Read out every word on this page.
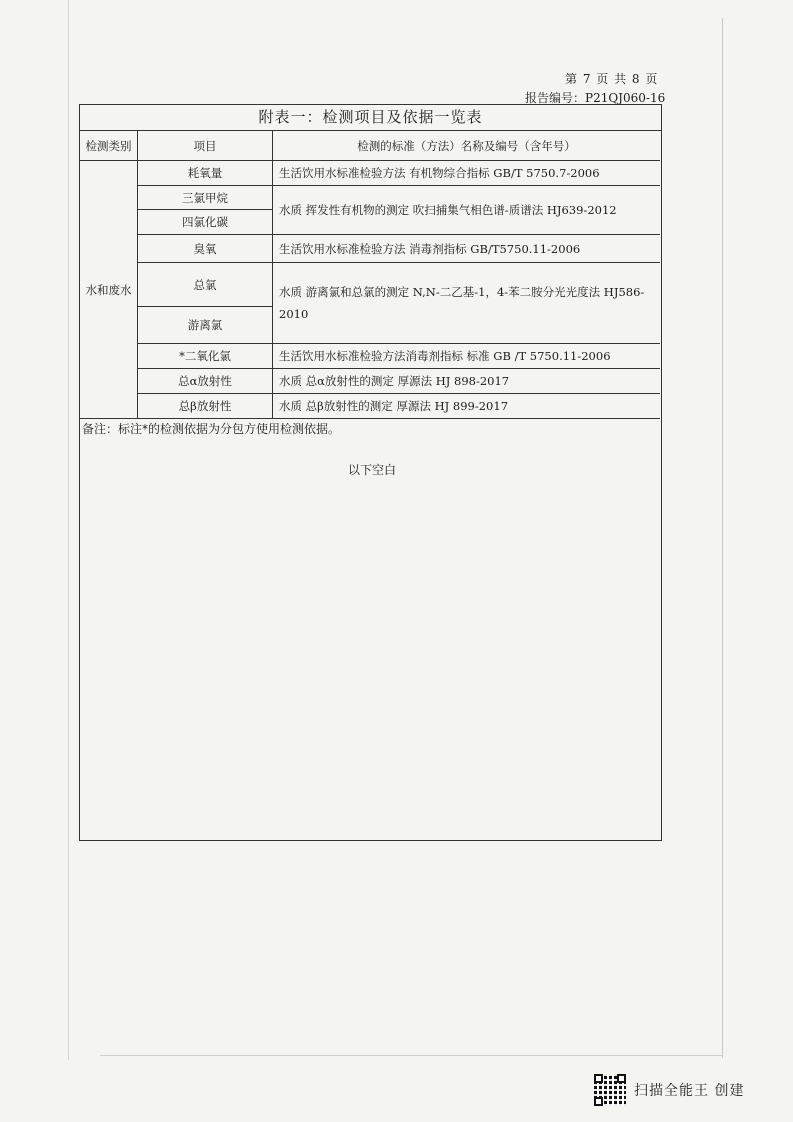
第 7 页 共 8 页
报告编号：P21QJ060-16
附表一：检测项目及依据一览表
检测类别	项目	检测的标准（方法）名称及编号（含年号）
水和废水
耗氧量
三氯甲烷
四氯化碳
臭氧
总氯
游离氯
*二氧化氯
总α放射性
总β放射性
生活饮用水标准检验方法 有机物综合指标 GB/T 5750.7-2006
水质 挥发性有机物的测定 吹扫捕集气相色谱-质谱法 HJ639-2012
生活饮用水标准检验方法 消毒剂指标 GB/T5750.11-2006
水质 游离氯和总氯的测定 N,N-二乙基-1，4-苯二胺分光光度法 HJ586-2010
生活饮用水标准检验方法消毒剂指标 标准 GB /T 5750.11-2006
水质 总α放射性的测定 厚源法 HJ 898-2017
水质 总β放射性的测定 厚源法 HJ 899-2017
备注：标注*的检测依据为分包方使用检测依据。
以下空白
扫描全能王 创建
